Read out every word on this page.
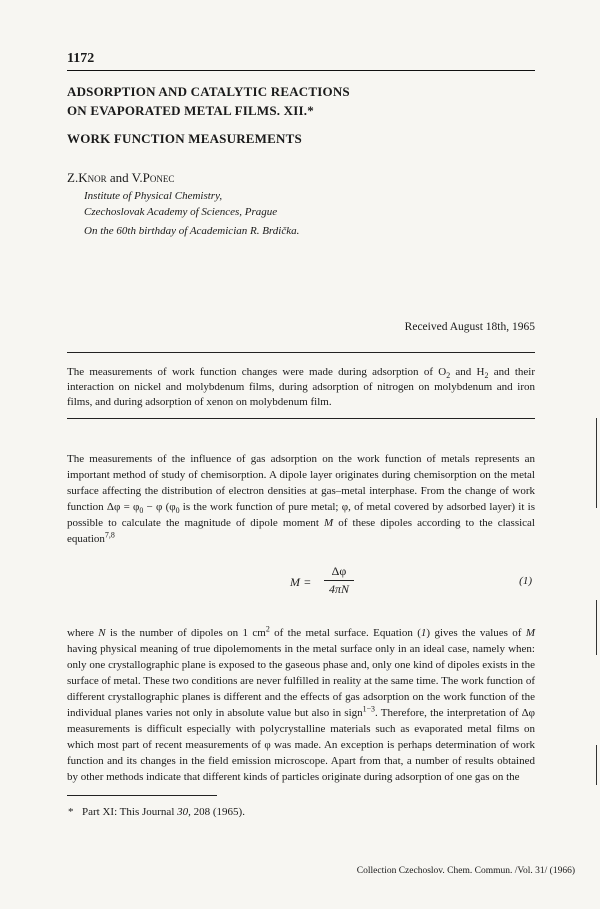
1172

ADSORPTION AND CATALYTIC REACTIONS

ON EVAPORATED METAL FILMS. XII.*

WORK FUNCTION MEASUREMENTS

Z.Knor and V.Ponec
Institute of Physical Chemistry,
Czechoslovak Academy of Sciences, Prague
On the 60th birthday of Academician R. Brdička.
Received August 18th, 1965
The measurements of work function changes were made during adsorption of $O_2$ and $H_2$ and their interaction on nickel and molybdenum films, during adsorption of nitrogen on molybdenum and iron films, and during adsorption of xenon on molybdenum film.

The measurements of the influence of gas adsorption on the work function of metals represents an important method of study of chemisorption. A dipole layer originates during chemisorption on the metal surface affecting the distribution of electron densities at gas–metal interphase. From the change of work function $\Delta\varphi = \varphi_0 - \varphi$ ($\varphi_0$ is the work function of pure metal; φ, of metal covered by adsorbed layer) it is possible to calculate the magnitude of dipole moment M of these dipoles according to the classical equation$^{7,8}$

M =
Δφ
4πN
(1)

where N is the number of dipoles on 1 $cm^2$ of the metal surface. Equation (1) gives the values of M having physical meaning of true dipolemoments in the metal surface only in an ideal case, namely when: only one crystallographic plane is exposed to the gaseous phase and, only one kind of dipoles exists in the surface of metal. These two conditions are never fulfilled in reality at the same time. The work function of different crystallographic planes is different and the effects of gas adsorption on the work function of the individual planes varies not only in absolute value but also in sign$^{1-3}$. Therefore, the interpretation of Δφ measurements is difficult especially with polycrystalline materials such as evaporated metal films on which most part of recent measurements of φ was made. An exception is perhaps determination of work function and its changes in the field emission microscope. Apart from that, a number of results obtained by other methods indicate that different kinds of particles originate during adsorption of one gas on the

* Part XI: This Journal 30, 208 (1965).
Collection Czechoslov. Chem. Commun. /Vol. 31/ (1966)
